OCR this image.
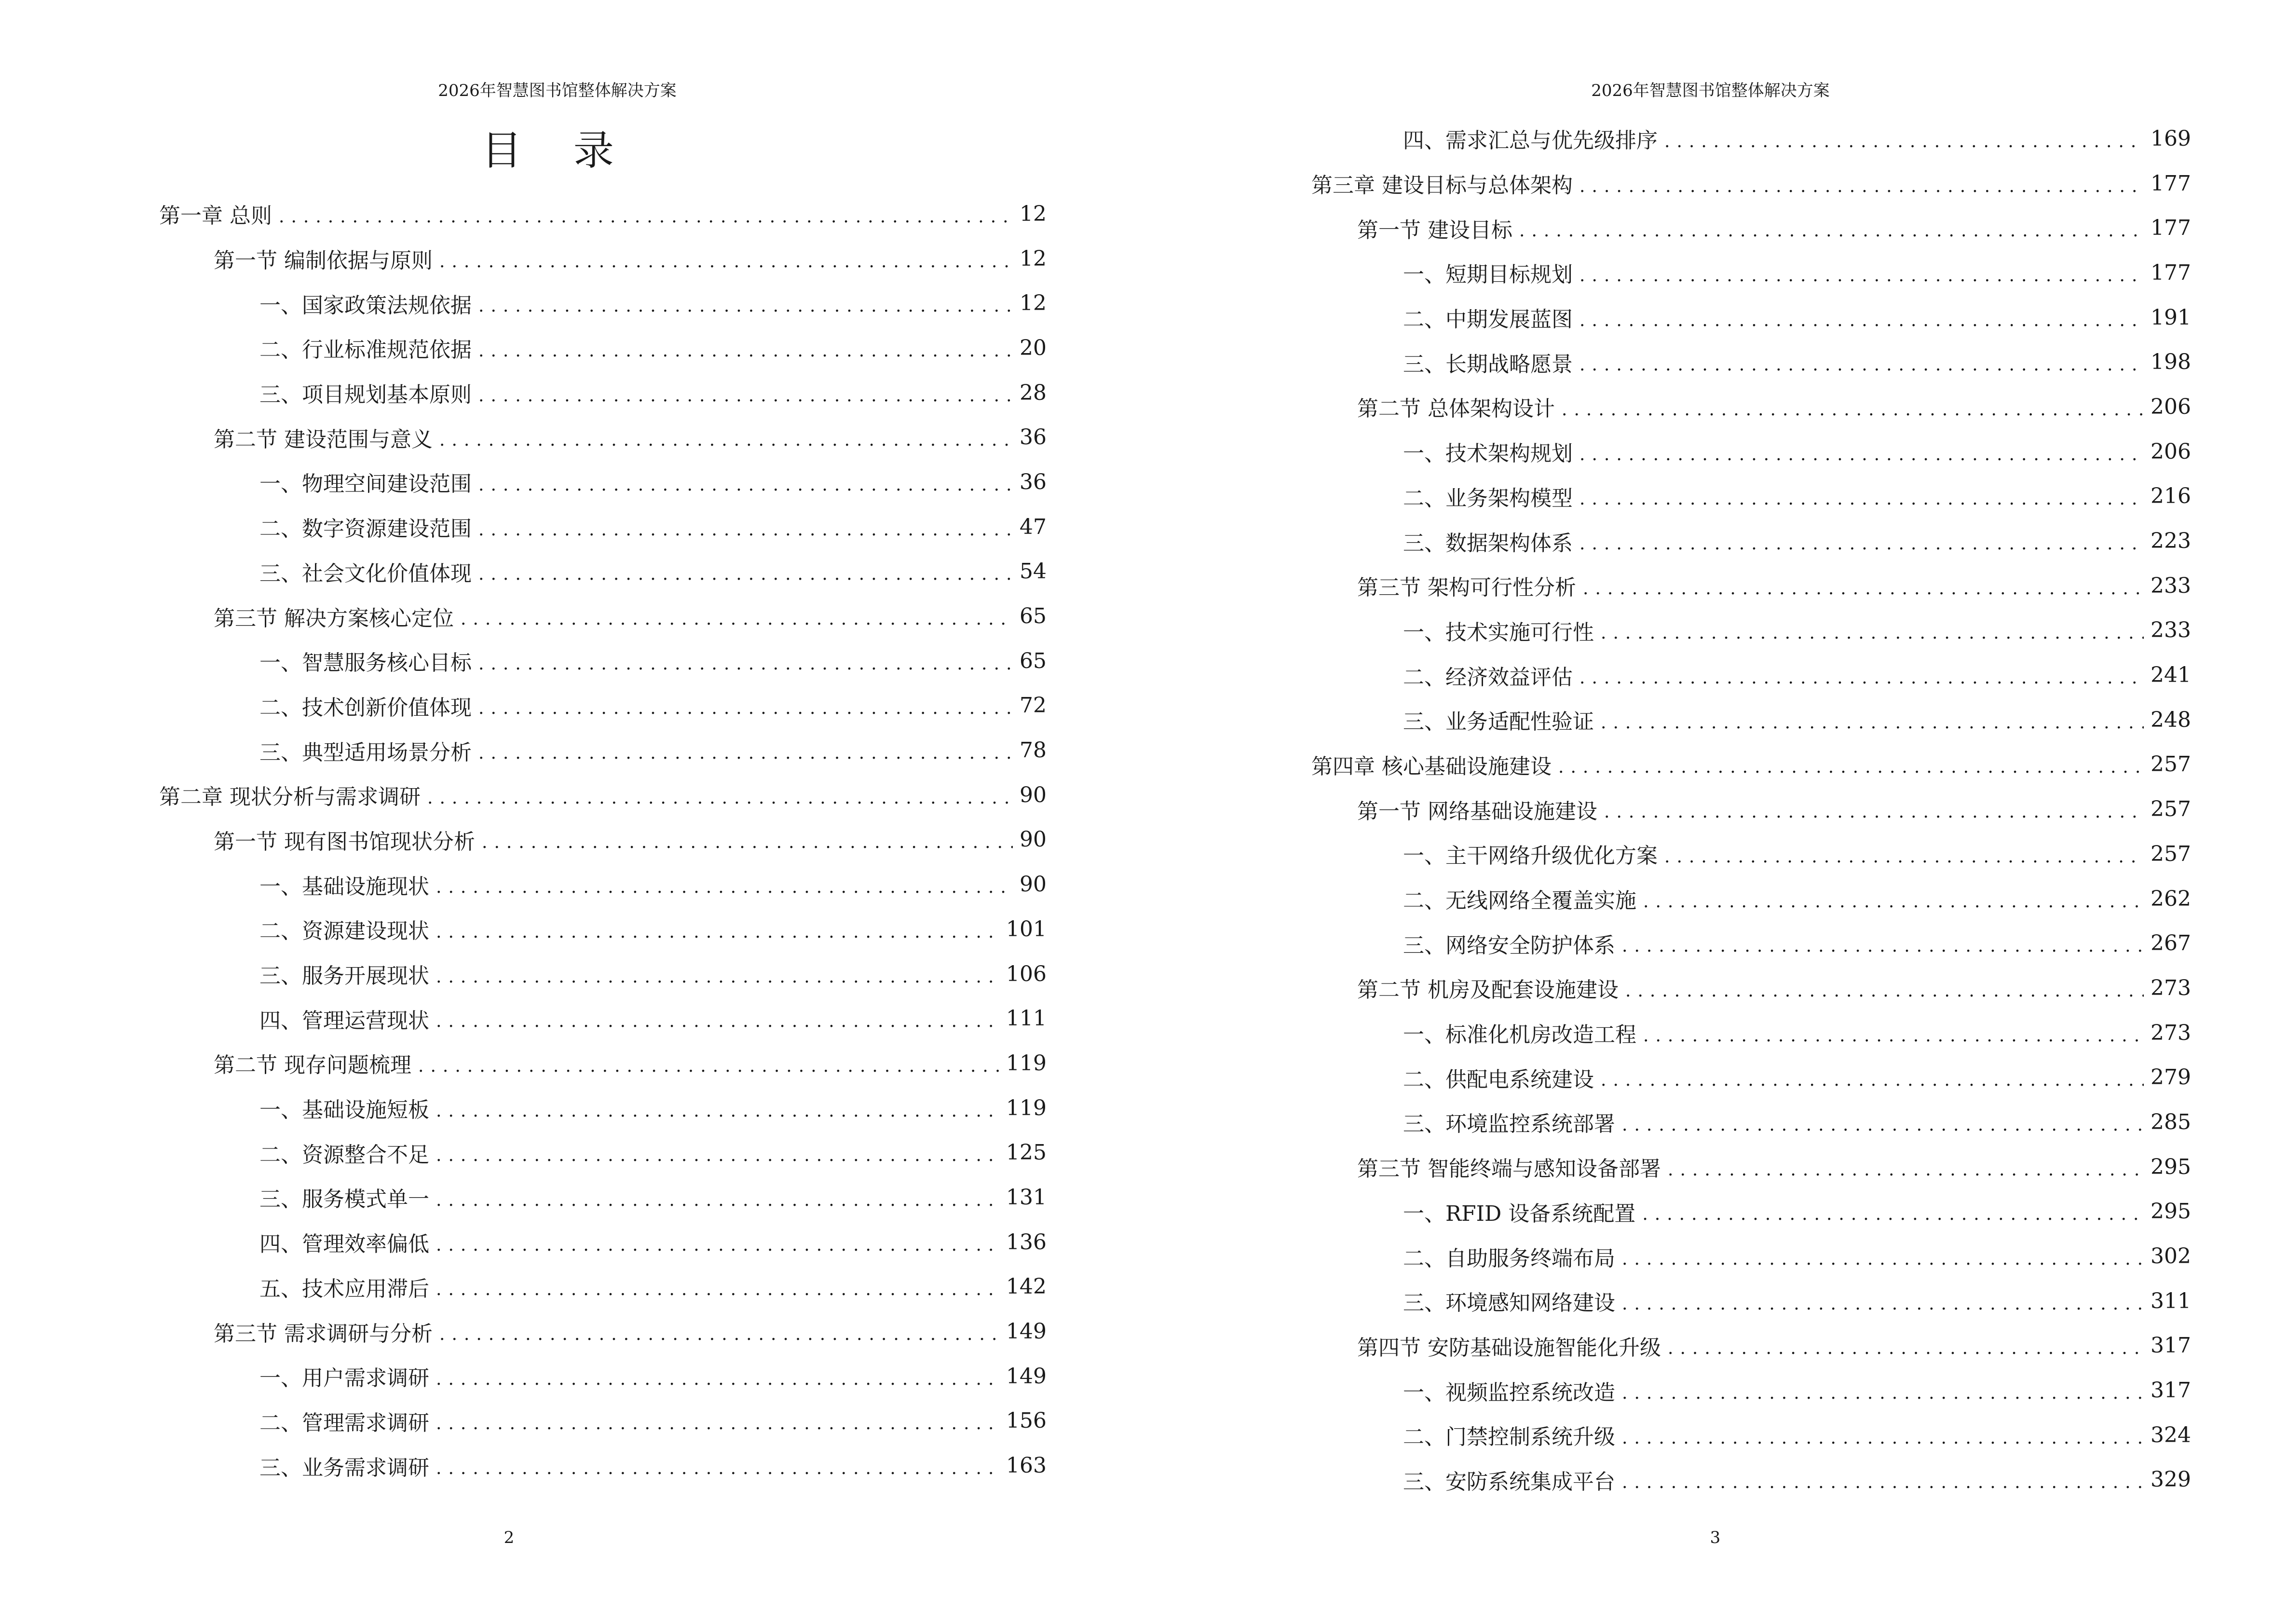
2026年智慧图书馆整体解决方案
目 录
第一章 总则 .....	12
第一节 编制依据与原则 .....	12
一、国家政策法规依据 .....	12
二、行业标准规范依据 .....	20
三、项目规划基本原则 .....	28
第二节 建设范围与意义 .....	36
一、物理空间建设范围 .....	36
二、数字资源建设范围 .....	47
三、社会文化价值体现 .....	54
第三节 解决方案核心定位 .....	65
一、智慧服务核心目标 .....	65
二、技术创新价值体现 .....	72
三、典型适用场景分析 .....	78
第二章 现状分析与需求调研 .....	90
第一节 现有图书馆现状分析 .....	90
一、基础设施现状 .....	90
二、资源建设现状 .....	101
三、服务开展现状 .....	106
四、管理运营现状 .....	111
第二节 现存问题梳理 .....	119
一、基础设施短板 .....	119
二、资源整合不足 .....	125
三、服务模式单一 .....	131
四、管理效率偏低 .....	136
五、技术应用滞后 .....	142
第三节 需求调研与分析 .....	149
一、用户需求调研 .....	149
二、管理需求调研 .....	156
三、业务需求调研 .....	163
2
2026年智慧图书馆整体解决方案
四、需求汇总与优先级排序 .....	169
第三章 建设目标与总体架构 .....	177
第一节 建设目标 .....	177
一、短期目标规划 .....	177
二、中期发展蓝图 .....	191
三、长期战略愿景 .....	198
第二节 总体架构设计 .....	206
一、技术架构规划 .....	206
二、业务架构模型 .....	216
三、数据架构体系 .....	223
第三节 架构可行性分析 .....	233
一、技术实施可行性 .....	233
二、经济效益评估 .....	241
三、业务适配性验证 .....	248
第四章 核心基础设施建设 .....	257
第一节 网络基础设施建设 .....	257
一、主干网络升级优化方案 .....	257
二、无线网络全覆盖实施 .....	262
三、网络安全防护体系 .....	267
第二节 机房及配套设施建设 .....	273
一、标准化机房改造工程 .....	273
二、供配电系统建设 .....	279
三、环境监控系统部署 .....	285
第三节 智能终端与感知设备部署 .....	295
一、RFID 设备系统配置 .....	295
二、自助服务终端布局 .....	302
三、环境感知网络建设 .....	311
第四节 安防基础设施智能化升级 .....	317
一、视频监控系统改造 .....	317
二、门禁控制系统升级 .....	324
三、安防系统集成平台 .....	329
3
